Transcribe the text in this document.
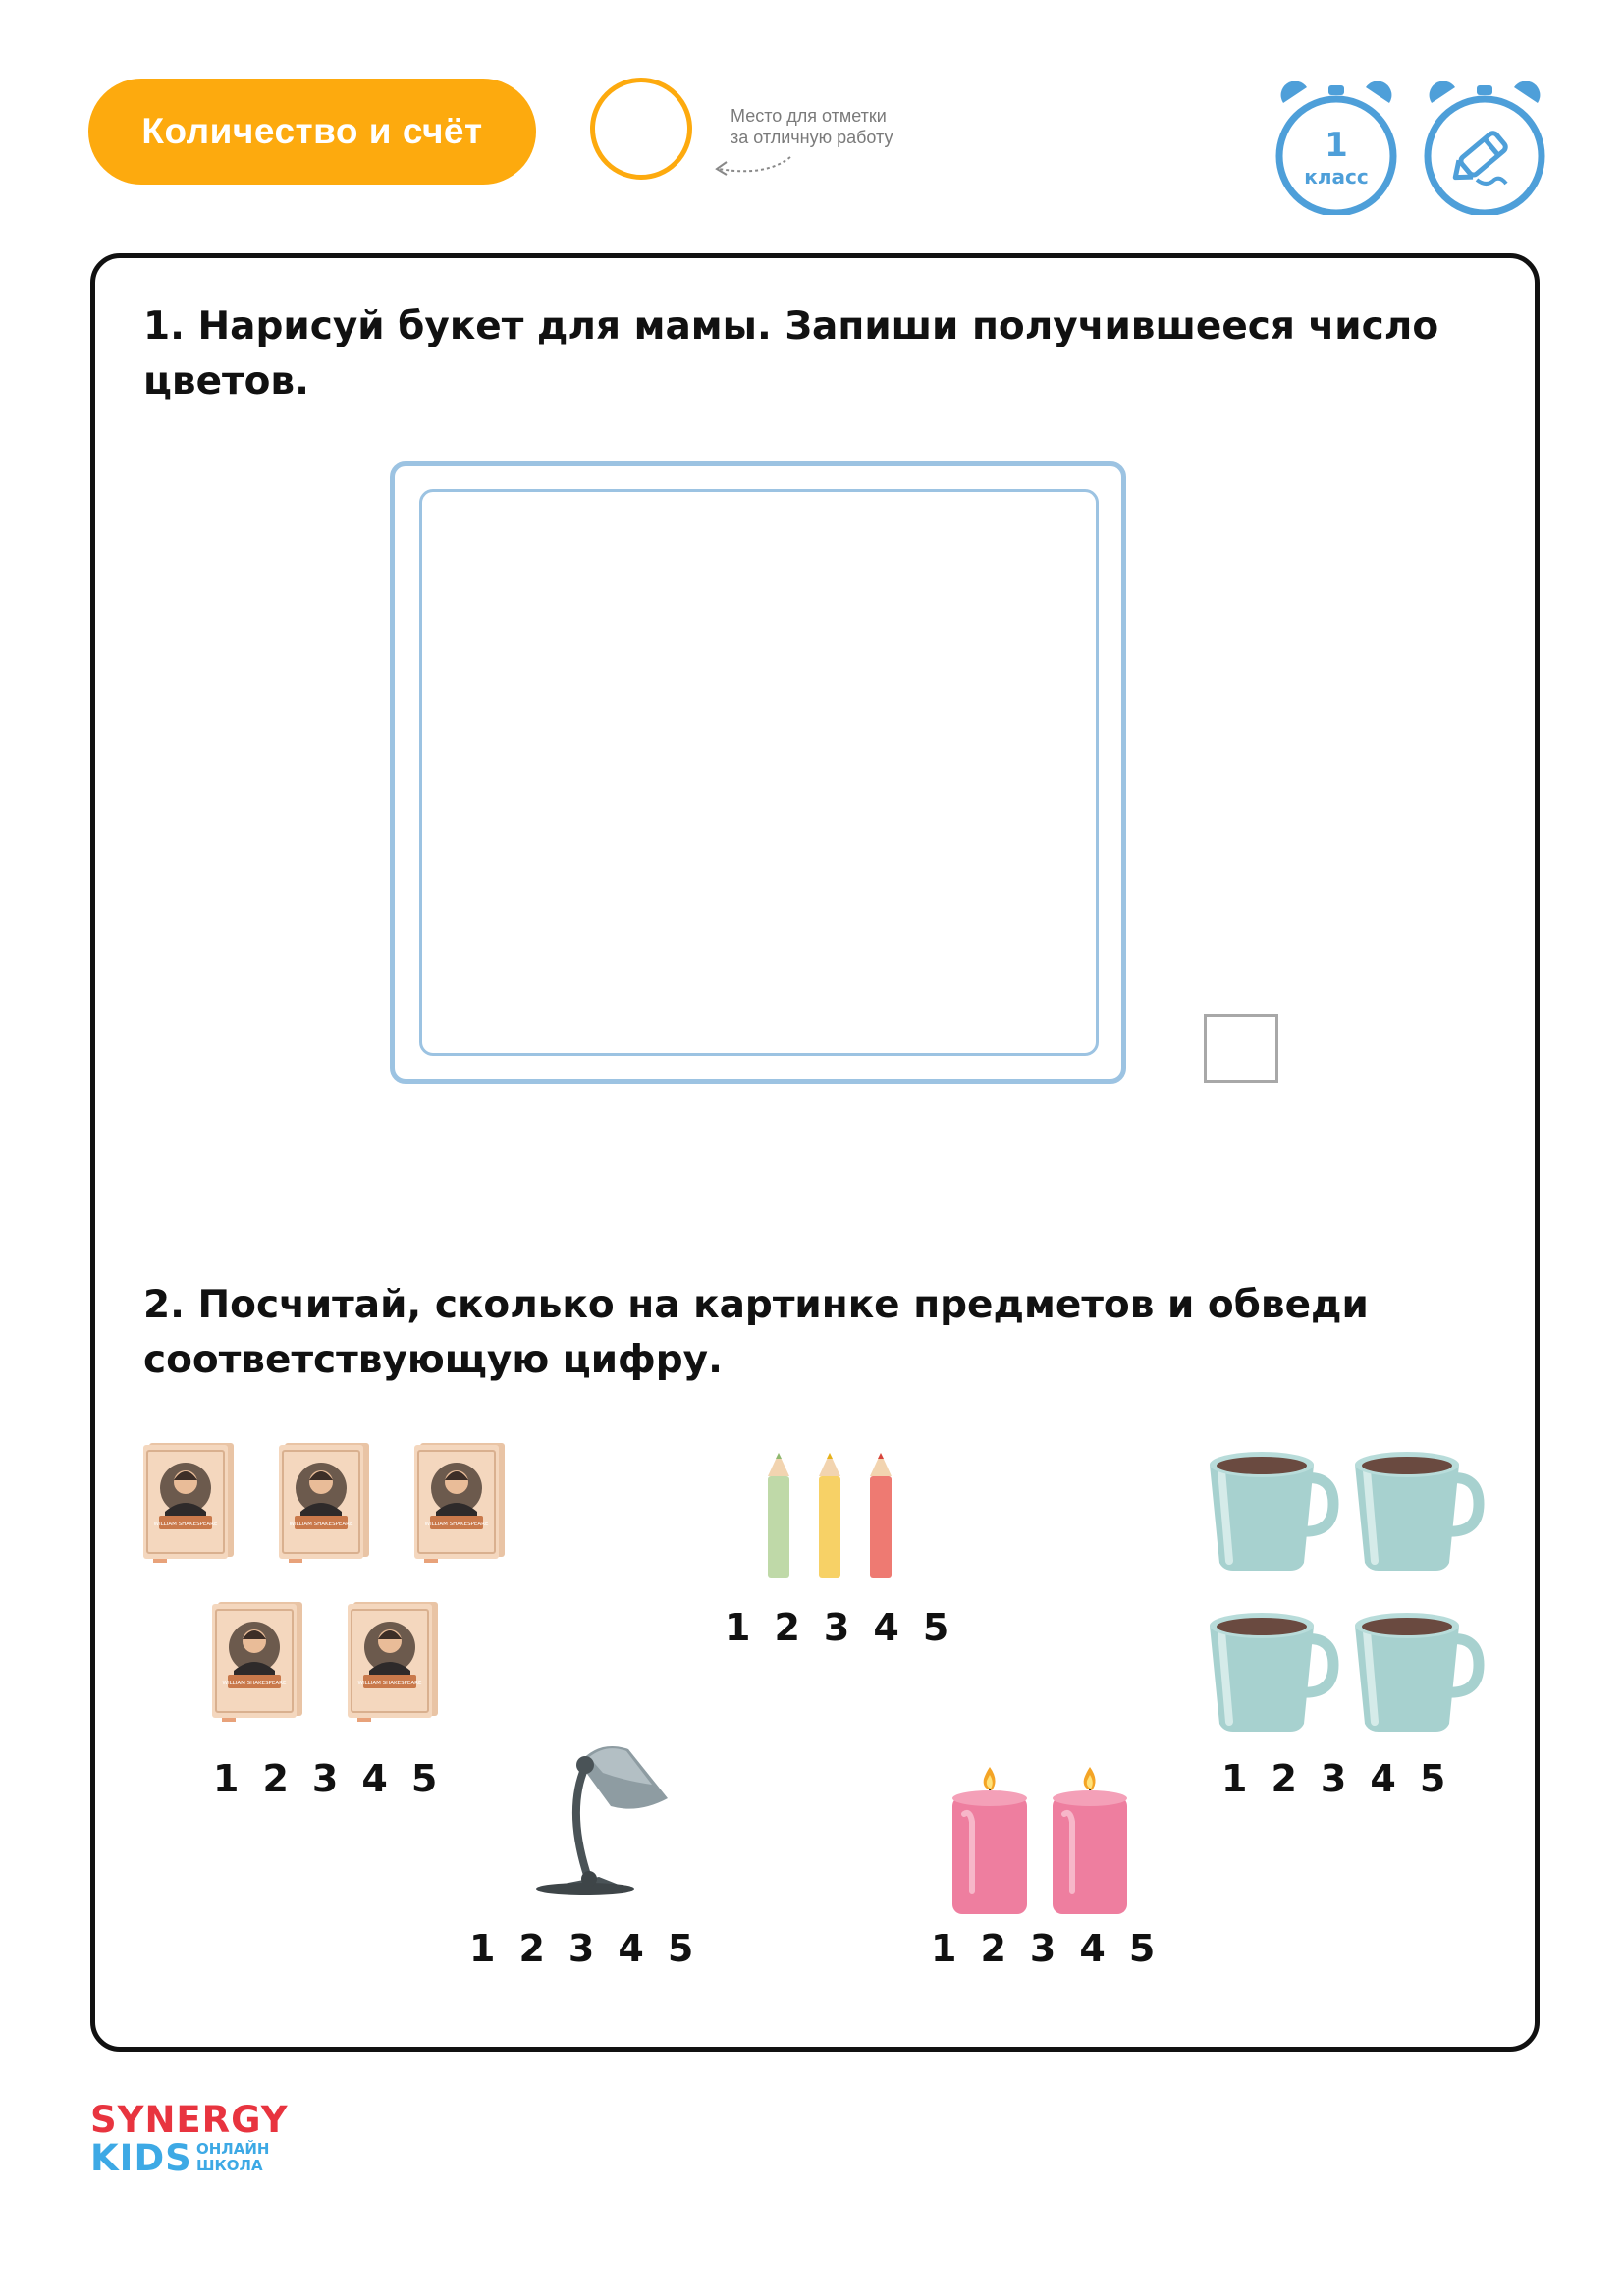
Количество и счёт	Место для отметки
за отличную работу	1
класс
1. Нарисуй букет для мамы. Запиши получившееся число цветов.
2. Посчитай, сколько на картинке предметов и обведи соответствующую цифру.
1 2 3 4 5
1 2 3 4 5
1 2 3 4 5
1 2 3 4 5	1 2 3 4 5
SYNERGY
KIDS ОНЛАЙН
ШКОЛА
